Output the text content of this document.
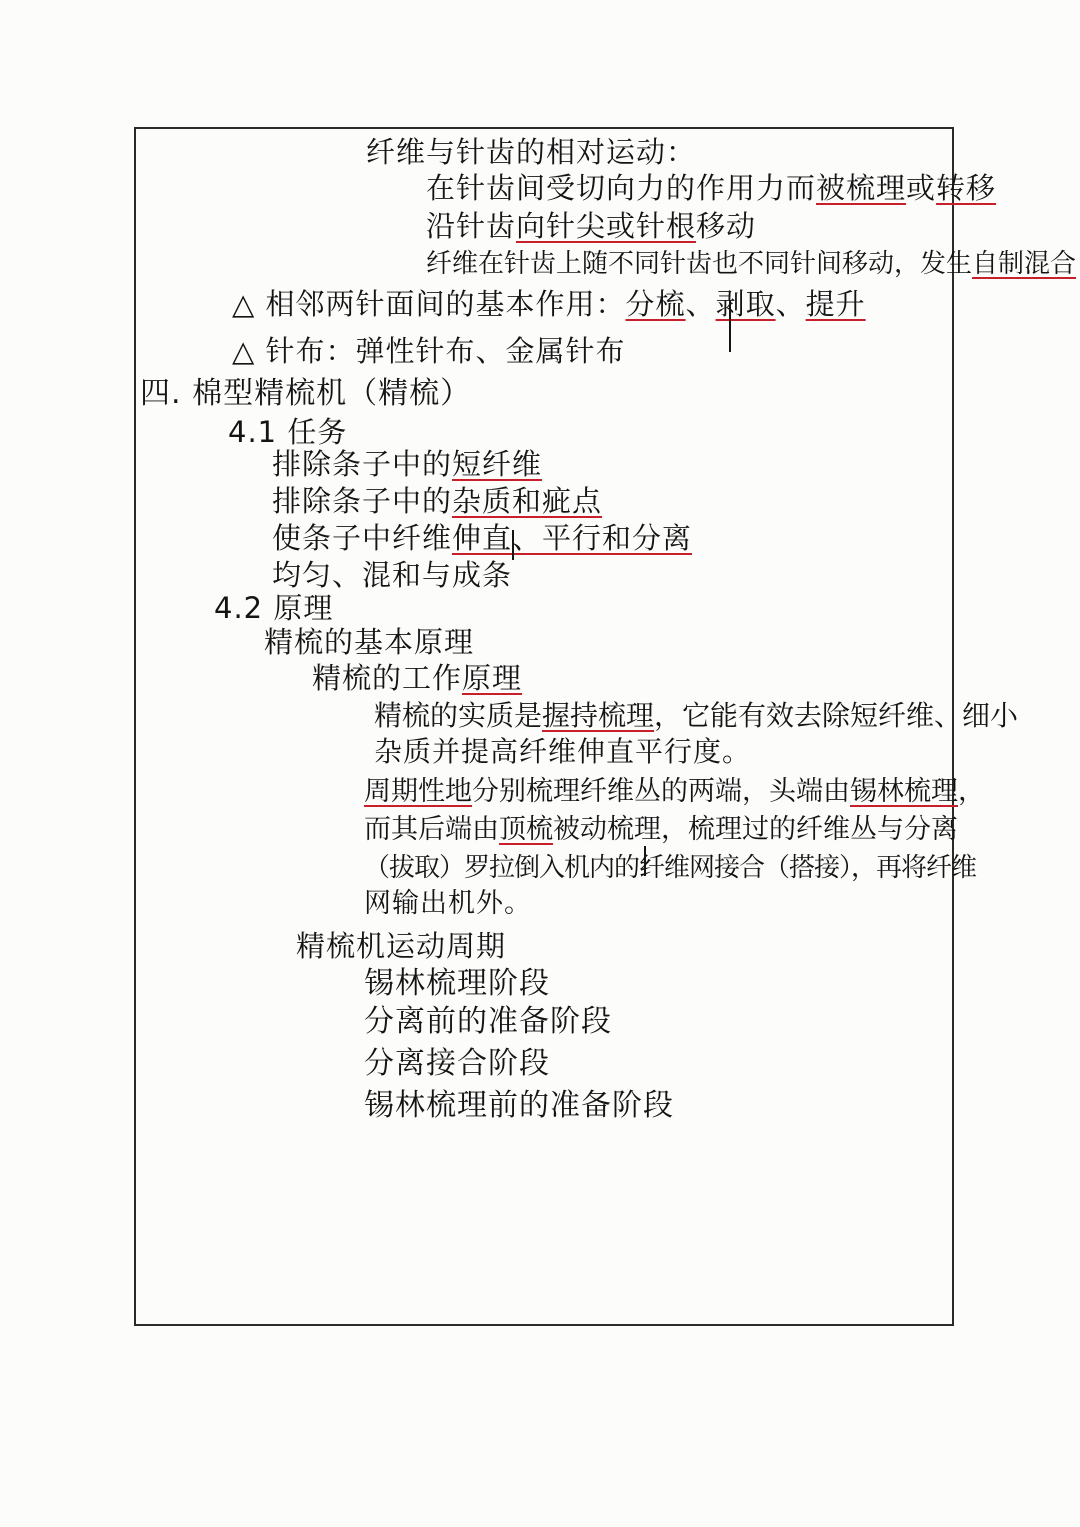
纤维与针齿的相对运动：
在针齿间受切向力的作用力而被梳理或转移
沿针齿向针尖或针根移动
纤维在针齿上随不同针齿也不同针间移动，发生自制混合
△ 相邻两针面间的基本作用：分梳、剥取、提升
△ 针布：弹性针布、金属针布
四. 棉型精梳机（精梳）
4.1 任务
排除条子中的短纤维
排除条子中的杂质和疵点
使条子中纤维伸直、平行和分离
均匀、混和与成条
4.2 原理
精梳的基本原理
精梳的工作原理
精梳的实质是握持梳理，它能有效去除短纤维、细小
杂质并提高纤维伸直平行度。
周期性地分别梳理纤维丛的两端，头端由锡林梳理，
而其后端由顶梳被动梳理，梳理过的纤维丛与分离
（拔取）罗拉倒入机内的纤维网接合（搭接），再将纤维
网输出机外。
精梳机运动周期
锡林梳理阶段
分离前的准备阶段
分离接合阶段
锡林梳理前的准备阶段
